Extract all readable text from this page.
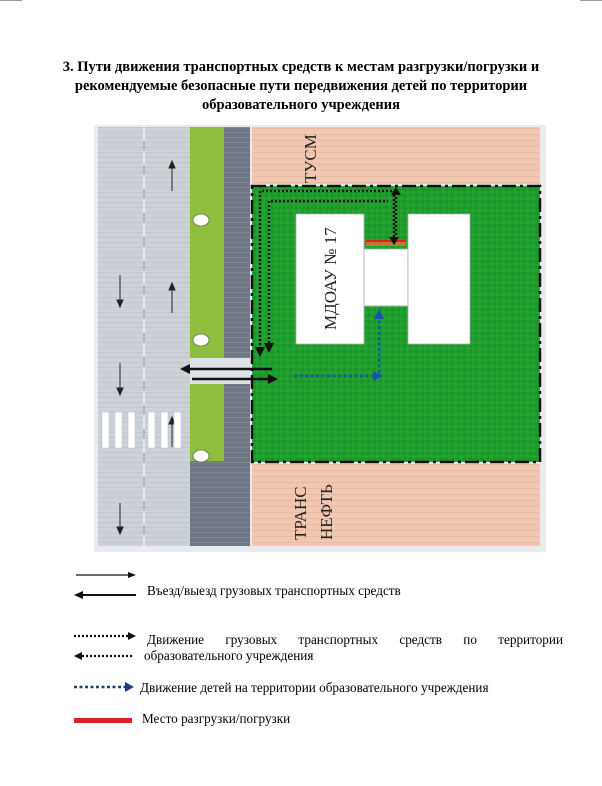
3. Пути движения транспортных средств к местам разгрузки/погрузки и
рекомендуемые безопасные пути передвижения детей по территории
образовательного учреждения
ТУСМ
МДОАУ № 17
ТРАНС НЕФТЬ
Въезд/выезд грузовых транспортных средств
Движение грузовых транспортных средств по территории
образовательного учреждения
Движение детей на территории образовательного учреждения
Место разгрузки/погрузки
